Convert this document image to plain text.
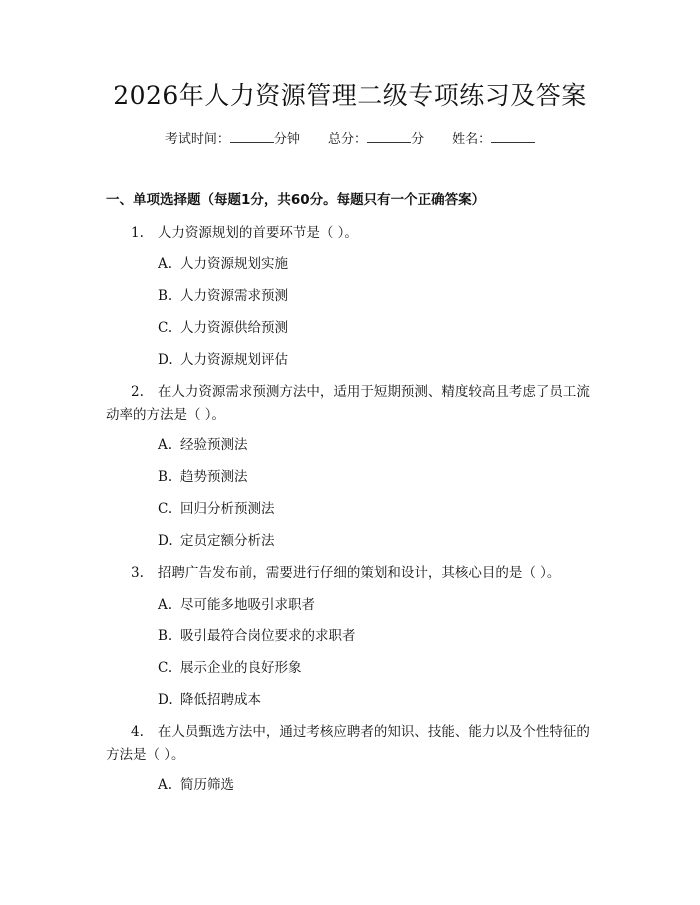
2026年人力资源管理二级专项练习及答案
考试时间：	分钟 总分：	分 姓名：
一、单项选择题（每题1分，共60分。每题只有一个正确答案）
1. 人力资源规划的首要环节是（ ）。
A. 人力资源规划实施
B. 人力资源需求预测
C. 人力资源供给预测
D. 人力资源规划评估
2. 在人力资源需求预测方法中，适用于短期预测、精度较高且考虑了员工流动率的方法是（ ）。
A. 经验预测法
B. 趋势预测法
C. 回归分析预测法
D. 定员定额分析法
3. 招聘广告发布前，需要进行仔细的策划和设计，其核心目的是（ ）。
A. 尽可能多地吸引求职者
B. 吸引最符合岗位要求的求职者
C. 展示企业的良好形象
D. 降低招聘成本
4. 在人员甄选方法中，通过考核应聘者的知识、技能、能力以及个性特征的方法是（ ）。
A. 简历筛选
